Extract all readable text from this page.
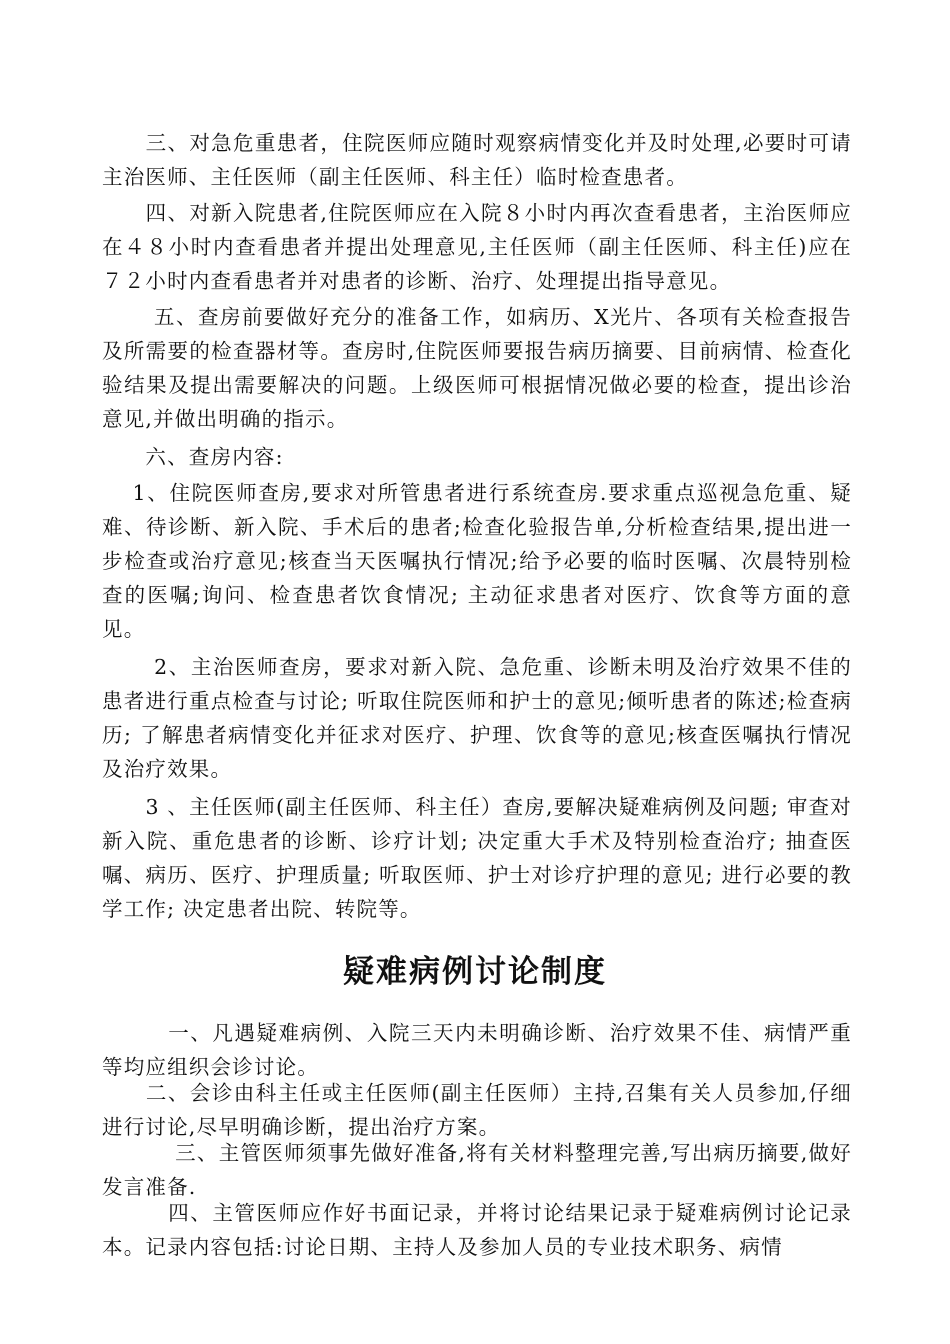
　　三、对急危重患者，住院医师应随时观察病情变化并及时处理,必要时可请主治医师、主任医师（副主任医师、科主任）临时检查患者。

　　四、对新入院患者,住院医师应在入院８小时内再次查看患者，主治医师应在４８小时内查看患者并提出处理意见,主任医师（副主任医师、科主任)应在７２小时内查看患者并对患者的诊断、治疗、处理提出指导意见。

　　 五、查房前要做好充分的准备工作，如病历、X光片、各项有关检查报告及所需要的检查器材等。查房时,住院医师要报告病历摘要、目前病情、检查化验结果及提出需要解决的问题。上级医师可根据情况做必要的检查，提出诊治意见,并做出明确的指示。

　　六、查房内容:

　 1、住院医师查房,要求对所管患者进行系统查房.要求重点巡视急危重、疑难、待诊断、新入院、手术后的患者;检查化验报告单,分析检查结果,提出进一步检查或治疗意见;核查当天医嘱执行情况;给予必要的临时医嘱、次晨特别检查的医嘱;询问、检查患者饮食情况; 主动征求患者对医疗、饮食等方面的意见。

　　 2、主治医师查房，要求对新入院、急危重、诊断未明及治疗效果不佳的患者进行重点检查与讨论; 听取住院医师和护士的意见;倾听患者的陈述;检查病历; 了解患者病情变化并征求对医疗、护理、饮食等的意见;核查医嘱执行情况及治疗效果。

　　3 、主任医师(副主任医师、科主任）查房,要解决疑难病例及问题; 审查对新入院、重危患者的诊断、诊疗计划; 决定重大手术及特别检查治疗; 抽查医嘱、病历、医疗、护理质量; 听取医师、护士对诊疗护理的意见; 进行必要的教学工作; 决定患者出院、转院等。

疑难病例讨论制度

　　　一、凡遇疑难病例、入院三天内未明确诊断、治疗效果不佳、病情严重等均应组织会诊讨论。

　　二、会诊由科主任或主任医师(副主任医师）主持,召集有关人员参加,仔细进行讨论,尽早明确诊断，提出治疗方案。

　　　 三、主管医师须事先做好准备,将有关材料整理完善,写出病历摘要,做好发言准备.

　　　四、主管医师应作好书面记录，并将讨论结果记录于疑难病例讨论记录本。记录内容包括:讨论日期、主持人及参加人员的专业技术职务、病情
